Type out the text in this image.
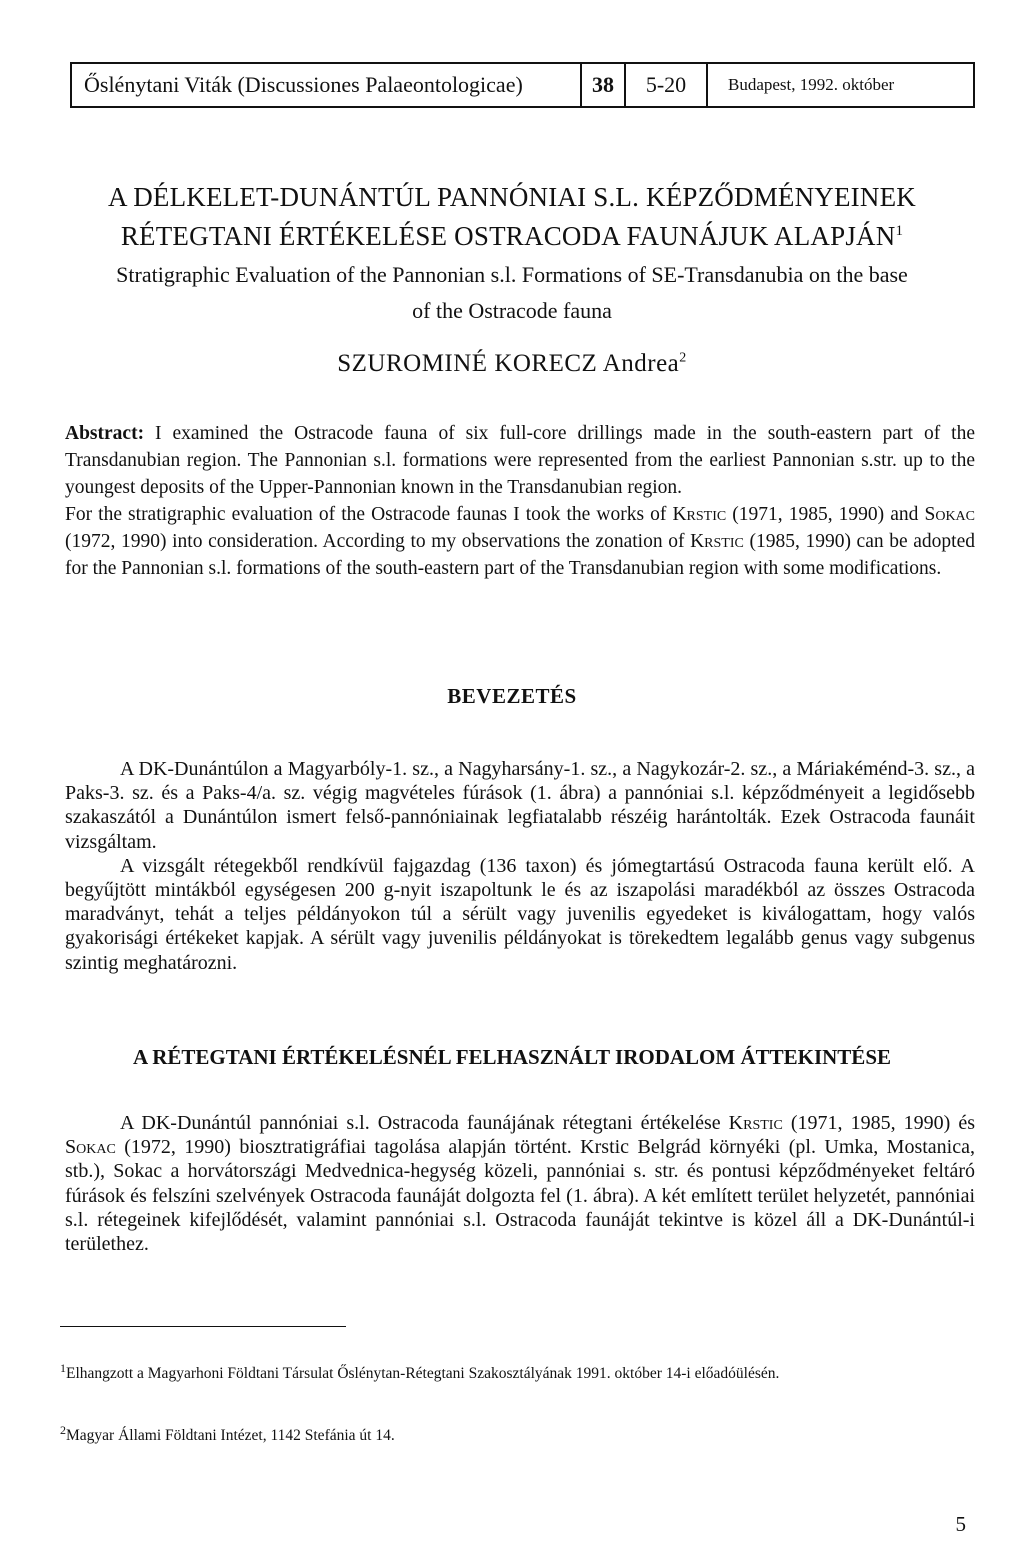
Őslénytani Viták (Discussiones Palaeontologicae)	38	5-20	Budapest, 1992. október
A DÉLKELET-DUNÁNTÚL PANNÓNIAI S.L. KÉPZŐDMÉNYEINEK
RÉTEGTANI ÉRTÉKELÉSE OSTRACODA FAUNÁJUK ALAPJÁN$^1$
Stratigraphic Evaluation of the Pannonian s.l. Formations of SE-Transdanubia on the base
of the Ostracode fauna
SZUROMINÉ KORECZ Andrea$^2$

Abstract: I examined the Ostracode fauna of six full-core drillings made in the south-eastern part of the Transdanubian region. The Pannonian s.l. formations were represented from the earliest Pannonian s.str. up to the youngest deposits of the Upper-Pannonian known in the Transdanubian region.

For the stratigraphic evaluation of the Ostracode faunas I took the works of Krstic (1971, 1985, 1990) and Sokac (1972, 1990) into consideration. According to my observations the zonation of Krstic (1985, 1990) can be adopted for the Pannonian s.l. formations of the south-eastern part of the Transdanubian region with some modifications.

BEVEZETÉS

A DK-Dunántúlon a Magyarbóly-1. sz., a Nagyharsány-1. sz., a Nagykozár-2. sz., a Máriakéménd-3. sz., a Paks-3. sz. és a Paks-4/a. sz. végig magvételes fúrások (1. ábra) a pannóniai s.l. képződményeit a legidősebb szakaszától a Dunántúlon ismert felső-pannóniainak legfiatalabb részéig harántolták. Ezek Ostracoda faunáit vizsgáltam.

A vizsgált rétegekből rendkívül fajgazdag (136 taxon) és jómegtartású Ostracoda fauna került elő. A begyűjtött mintákból egységesen 200 g-nyit iszapoltunk le és az iszapolási maradékból az összes Ostracoda maradványt, tehát a teljes példányokon túl a sérült vagy juvenilis egyedeket is kiválogattam, hogy valós gyakorisági értékeket kapjak. A sérült vagy juvenilis példányokat is törekedtem legalább genus vagy subgenus szintig meghatározni.

A RÉTEGTANI ÉRTÉKELÉSNÉL FELHASZNÁLT IRODALOM ÁTTEKINTÉSE

A DK-Dunántúl pannóniai s.l. Ostracoda faunájának rétegtani értékelése Krstic (1971, 1985, 1990) és Sokac (1972, 1990) biosztratigráfiai tagolása alapján történt. Krstic Belgrád környéki (pl. Umka, Mostanica, stb.), Sokac a horvátországi Medvednica-hegység közeli, pannóniai s. str. és pontusi képződményeket feltáró fúrások és felszíni szelvények Ostracoda faunáját dolgozta fel (1. ábra). A két említett terület helyzetét, pannóniai s.l. rétegeinek kifejlődését, valamint pannóniai s.l. Ostracoda faunáját tekintve is közel áll a DK-Dunántúl-i területhez.

$^1$Elhangzott a Magyarhoni Földtani Társulat Őslénytan-Rétegtani Szakosztályának 1991. október 14-i előadóülésén.
$^2$Magyar Állami Földtani Intézet, 1142 Stefánia út 14.
5
